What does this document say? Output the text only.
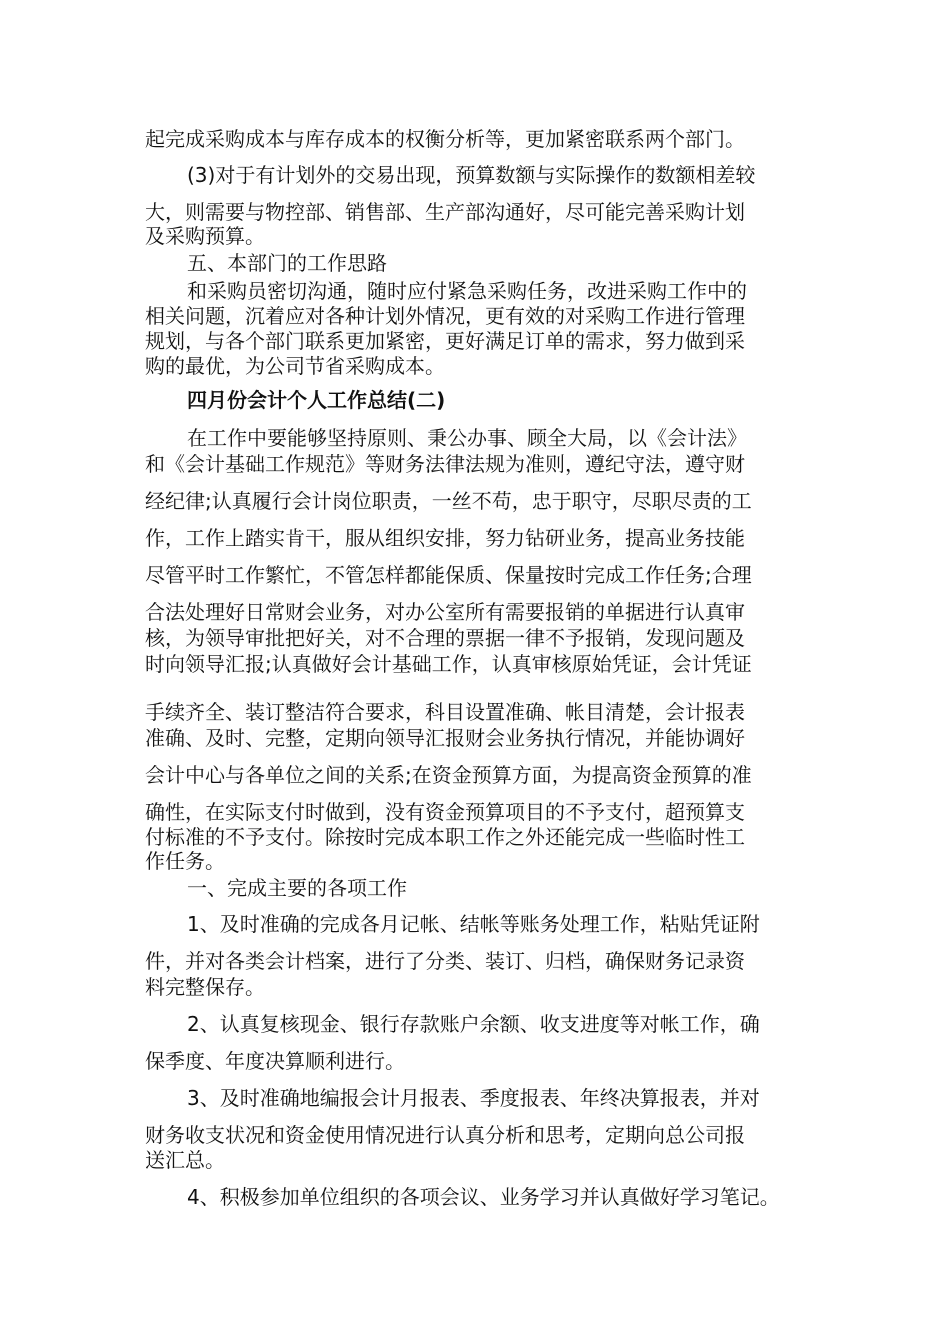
起完成采购成本与库存成本的权衡分析等，更加紧密联系两个部门。

(3)对于有计划外的交易出现，预算数额与实际操作的数额相差较

大，则需要与物控部、销售部、生产部沟通好，尽可能完善采购计划

及采购预算。

五、本部门的工作思路

和采购员密切沟通，随时应付紧急采购任务，改进采购工作中的

相关问题，沉着应对各种计划外情况，更有效的对采购工作进行管理

规划，与各个部门联系更加紧密，更好满足订单的需求，努力做到采

购的最优，为公司节省采购成本。

四月份会计个人工作总结(二)

在工作中要能够坚持原则、秉公办事、顾全大局，以《会计法》

和《会计基础工作规范》等财务法律法规为准则，遵纪守法，遵守财

经纪律;认真履行会计岗位职责，一丝不苟，忠于职守，尽职尽责的工

作，工作上踏实肯干，服从组织安排，努力钻研业务，提高业务技能

尽管平时工作繁忙，不管怎样都能保质、保量按时完成工作任务;合理

合法处理好日常财会业务，对办公室所有需要报销的单据进行认真审

核，为领导审批把好关，对不合理的票据一律不予报销，发现问题及

时向领导汇报;认真做好会计基础工作，认真审核原始凭证，会计凭证

手续齐全、装订整洁符合要求，科目设置准确、帐目清楚，会计报表

准确、及时、完整，定期向领导汇报财会业务执行情况，并能协调好

会计中心与各单位之间的关系;在资金预算方面，为提高资金预算的准

确性，在实际支付时做到，没有资金预算项目的不予支付，超预算支

付标准的不予支付。除按时完成本职工作之外还能完成一些临时性工

作任务。

一、完成主要的各项工作

1、及时准确的完成各月记帐、结帐等账务处理工作，粘贴凭证附

件，并对各类会计档案，进行了分类、装订、归档，确保财务记录资

料完整保存。

2、认真复核现金、银行存款账户余额、收支进度等对帐工作，确

保季度、年度决算顺利进行。

3、及时准确地编报会计月报表、季度报表、年终决算报表，并对

财务收支状况和资金使用情况进行认真分析和思考，定期向总公司报

送汇总。

4、积极参加单位组织的各项会议、业务学习并认真做好学习笔记。
